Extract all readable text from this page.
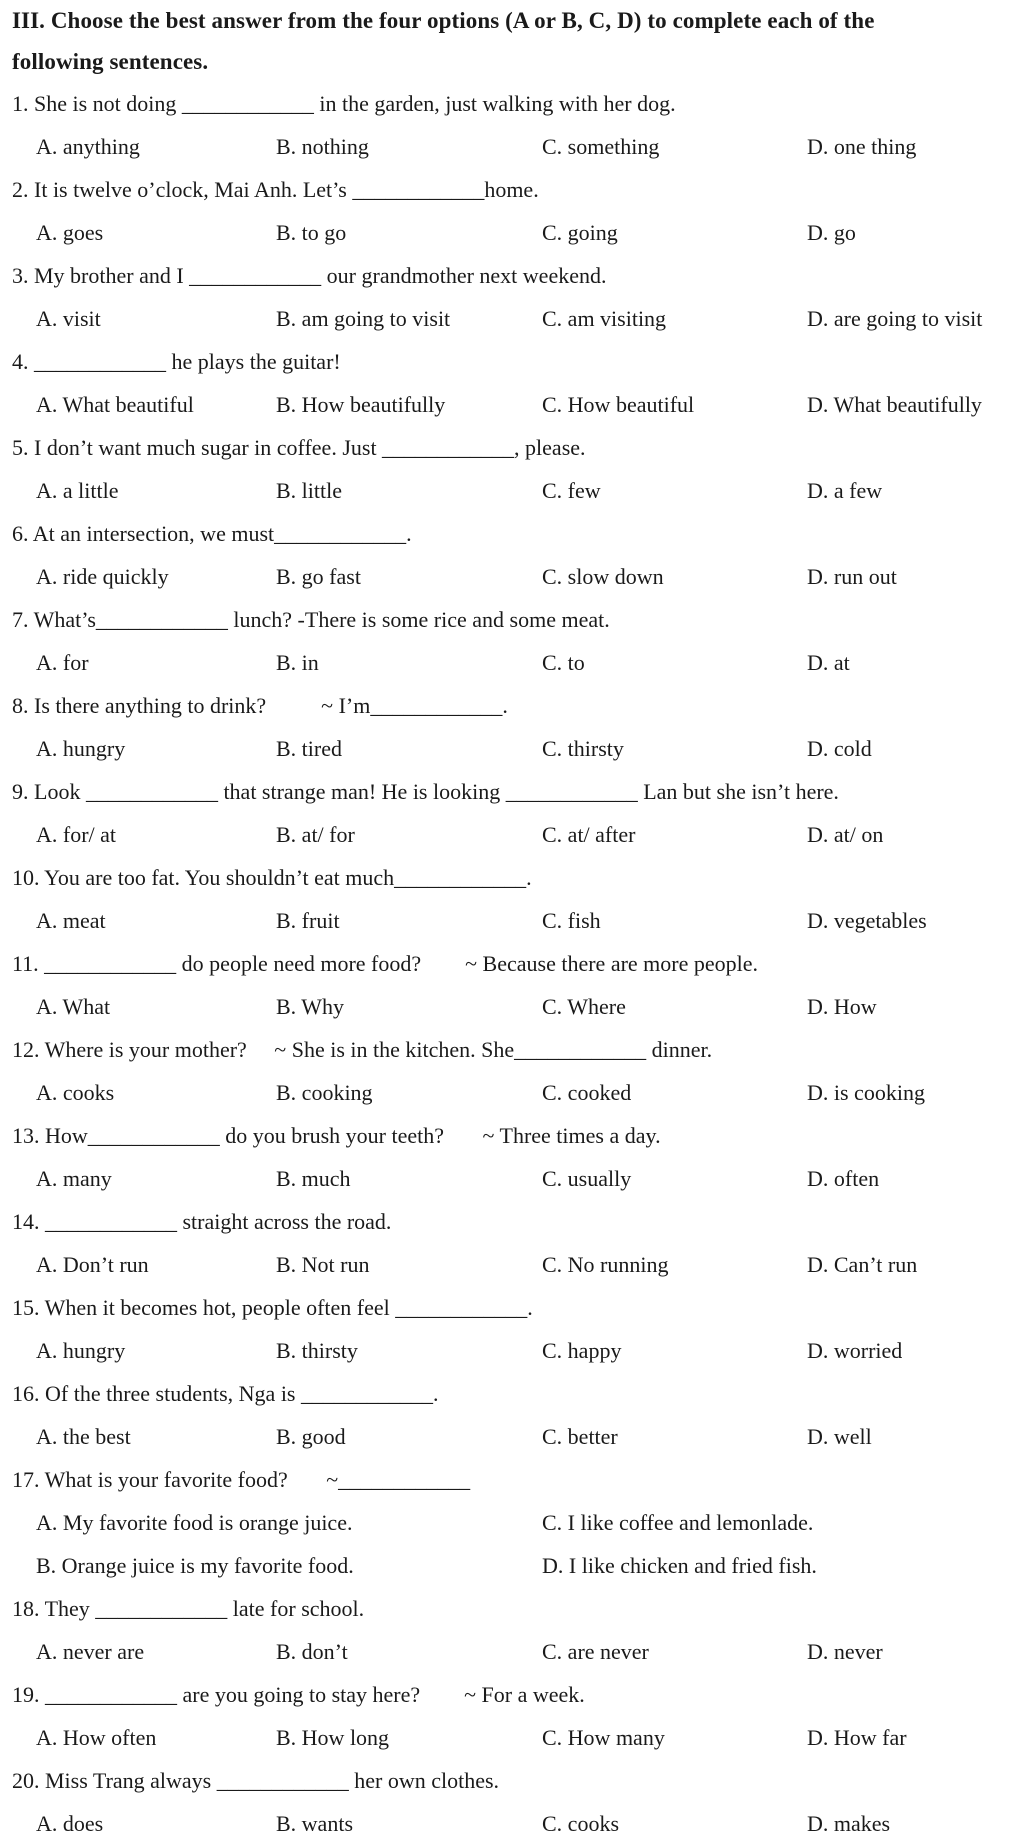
III. Choose the best answer from the four options (A or B, C, D) to complete each of the
following sentences.
1. She is not doing ____________ in the garden, just walking with her dog.
A. anything	B. nothing	C. something	D. one thing
2. It is twelve o’clock, Mai Anh. Let’s ____________home.
A. goes	B. to go	C. going	D. go
3. My brother and I ____________ our grandmother next weekend.
A. visit	B. am going to visit	C. am visiting	D. are going to visit
4. ____________ he plays the guitar!
A. What beautiful	B. How beautifully	C. How beautiful	D. What beautifully
5. I don’t want much sugar in coffee. Just ____________, please.
A. a little	B. little	C. few	D. a few
6. At an intersection, we must____________.
A. ride quickly	B. go fast	C. slow down	D. run out
7. What’s____________ lunch? -There is some rice and some meat.
A. for	B. in	C. to	D. at
8. Is there anything to drink?          ~ I’m____________.
A. hungry	B. tired	C. thirsty	D. cold
9. Look ____________ that strange man! He is looking ____________ Lan but she isn’t here.
A. for/ at	B. at/ for	C. at/ after	D. at/ on
10. You are too fat. You shouldn’t eat much____________.
A. meat	B. fruit	C. fish	D. vegetables
11. ____________ do people need more food?        ~ Because there are more people.
A. What	B. Why	C. Where	D. How
12. Where is your mother?     ~ She is in the kitchen. She____________ dinner.
A. cooks	B. cooking	C. cooked	D. is cooking
13. How____________ do you brush your teeth?       ~ Three times a day.
A. many	B. much	C. usually	D. often
14. ____________ straight across the road.
A. Don’t run	B. Not run	C. No running	D. Can’t run
15. When it becomes hot, people often feel ____________.
A. hungry	B. thirsty	C. happy	D. worried
16. Of the three students, Nga is ____________.
A. the best	B. good	C. better	D. well
17. What is your favorite food?       ~____________
A. My favorite food is orange juice.	C. I like coffee and lemonlade.
B. Orange juice is my favorite food.	D. I like chicken and fried fish.
18. They ____________ late for school.
A. never are	B. don’t	C. are never	D. never
19. ____________ are you going to stay here?        ~ For a week.
A. How often	B. How long	C. How many	D. How far
20. Miss Trang always ____________ her own clothes.
A. does	B. wants	C. cooks	D. makes
